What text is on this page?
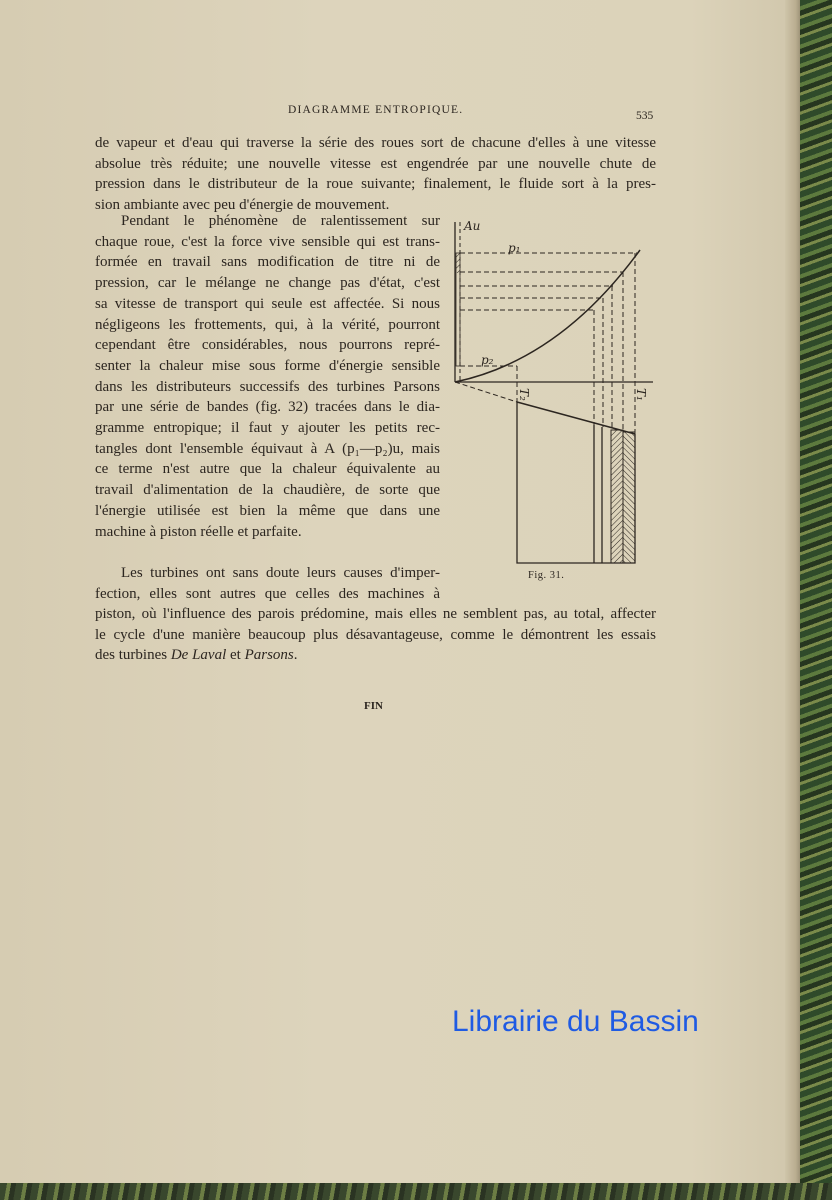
DIAGRAMME ENTROPIQUE.	535
de vapeur et d'eau qui traverse la série des roues sort de chacune d'elles à une vitesse
absolue très réduite; une nouvelle vitesse est engendrée par une nouvelle chute de
pression dans le distributeur de la roue suivante; finalement, le fluide sort à la pres-
sion ambiante avec peu d'énergie de mouvement.
Pendant le phénomène de ralentissement sur
chaque roue, c'est la force vive sensible qui est trans-
formée en travail sans modification de titre ni de
pression, car le mélange ne change pas d'état, c'est
sa vitesse de transport qui seule est affectée. Si nous
négligeons les frottements, qui, à la vérité, pourront
cependant être considérables, nous pourrons repré-
senter la chaleur mise sous forme d'énergie sensible
dans les distributeurs successifs des turbines Parsons
par une série de bandes (fig. 32) tracées dans le dia-
gramme entropique; il faut y ajouter les petits rec-
tangles dont l'ensemble équivaut à A (p₁—p₂)u, mais
ce terme n'est autre que la chaleur équivalente au
travail d'alimentation de la chaudière, de sorte que
l'énergie utilisée est bien la même que dans une
machine à piston réelle et parfaite.
Les turbines ont sans doute leurs causes d'imper-
fection, elles sont autres que celles des machines à
piston, où l'influence des parois prédomine, mais elles ne semblent pas, au total, affecter
le cycle d'une manière beaucoup plus désavantageuse, comme le démontrent les essais
des turbines De Laval et Parsons.
FIN
Au
p₁
p₂
T₂	T₁
Fig. 31.
Librairie du Bassin
